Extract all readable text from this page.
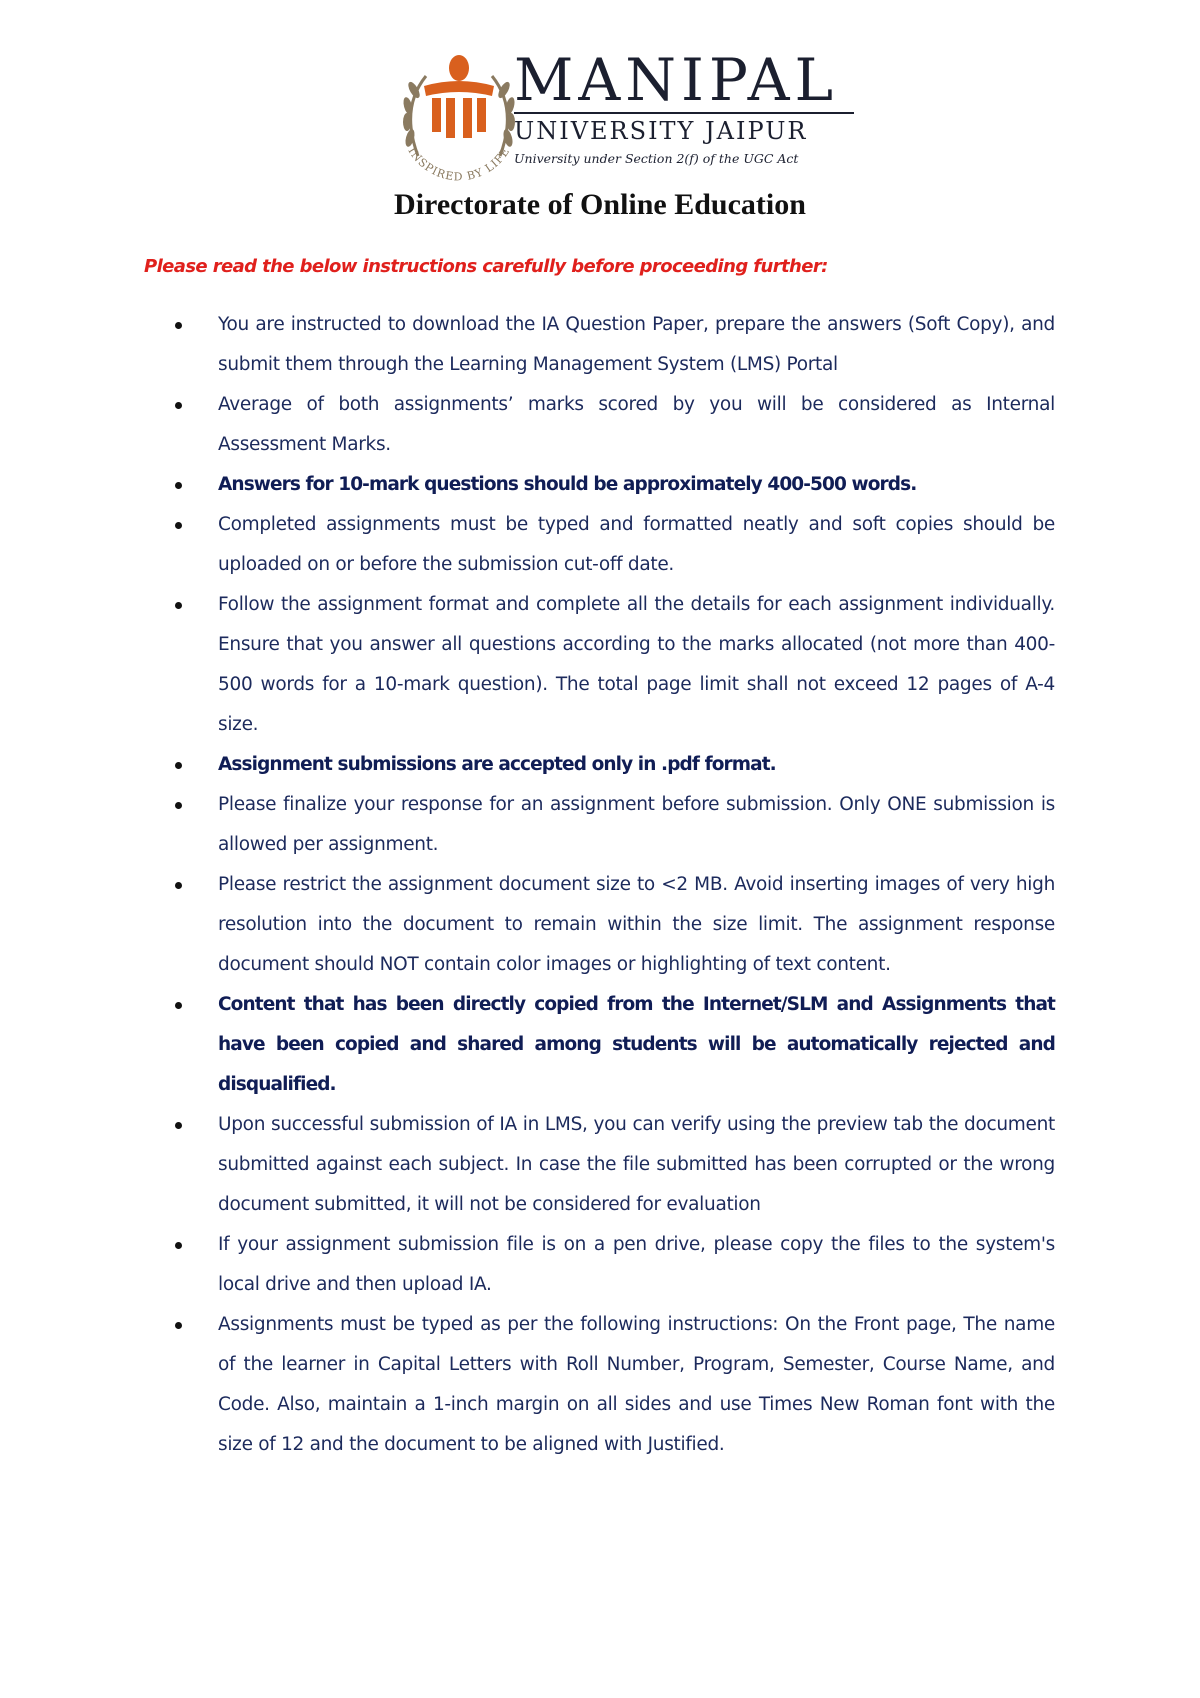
INSPIRED BY LIFE
MANIPAL
UNIVERSITY JAIPUR
University under Section 2(f) of the UGC Act
Directorate of Online Education

Please read the below instructions carefully before proceeding further:

You are instructed to download the IA Question Paper, prepare the answers (Soft Copy), and submit them through the Learning Management System (LMS) Portal
Average of both assignments’ marks scored by you will be considered as Internal Assessment Marks.
Answers for 10-mark questions should be approximately 400-500 words.
Completed assignments must be typed and formatted neatly and soft copies should be uploaded on or before the submission cut-off date.
Follow the assignment format and complete all the details for each assignment individually. Ensure that you answer all questions according to the marks allocated (not more than 400-500 words for a 10-mark question). The total page limit shall not exceed 12 pages of A-4 size.
Assignment submissions are accepted only in .pdf format.
Please finalize your response for an assignment before submission. Only ONE submission is allowed per assignment.
Please restrict the assignment document size to <2 MB. Avoid inserting images of very high resolution into the document to remain within the size limit. The assignment response document should NOT contain color images or highlighting of text content.
Content that has been directly copied from the Internet/SLM and Assignments that have been copied and shared among students will be automatically rejected and disqualified.
Upon successful submission of IA in LMS, you can verify using the preview tab the document submitted against each subject. In case the file submitted has been corrupted or the wrong document submitted, it will not be considered for evaluation
If your assignment submission file is on a pen drive, please copy the files to the system's local drive and then upload IA.
Assignments must be typed as per the following instructions: On the Front page, The name of the learner in Capital Letters with Roll Number, Program, Semester, Course Name, and Code. Also, maintain a 1-inch margin on all sides and use Times New Roman font with the size of 12 and the document to be aligned with Justified.
